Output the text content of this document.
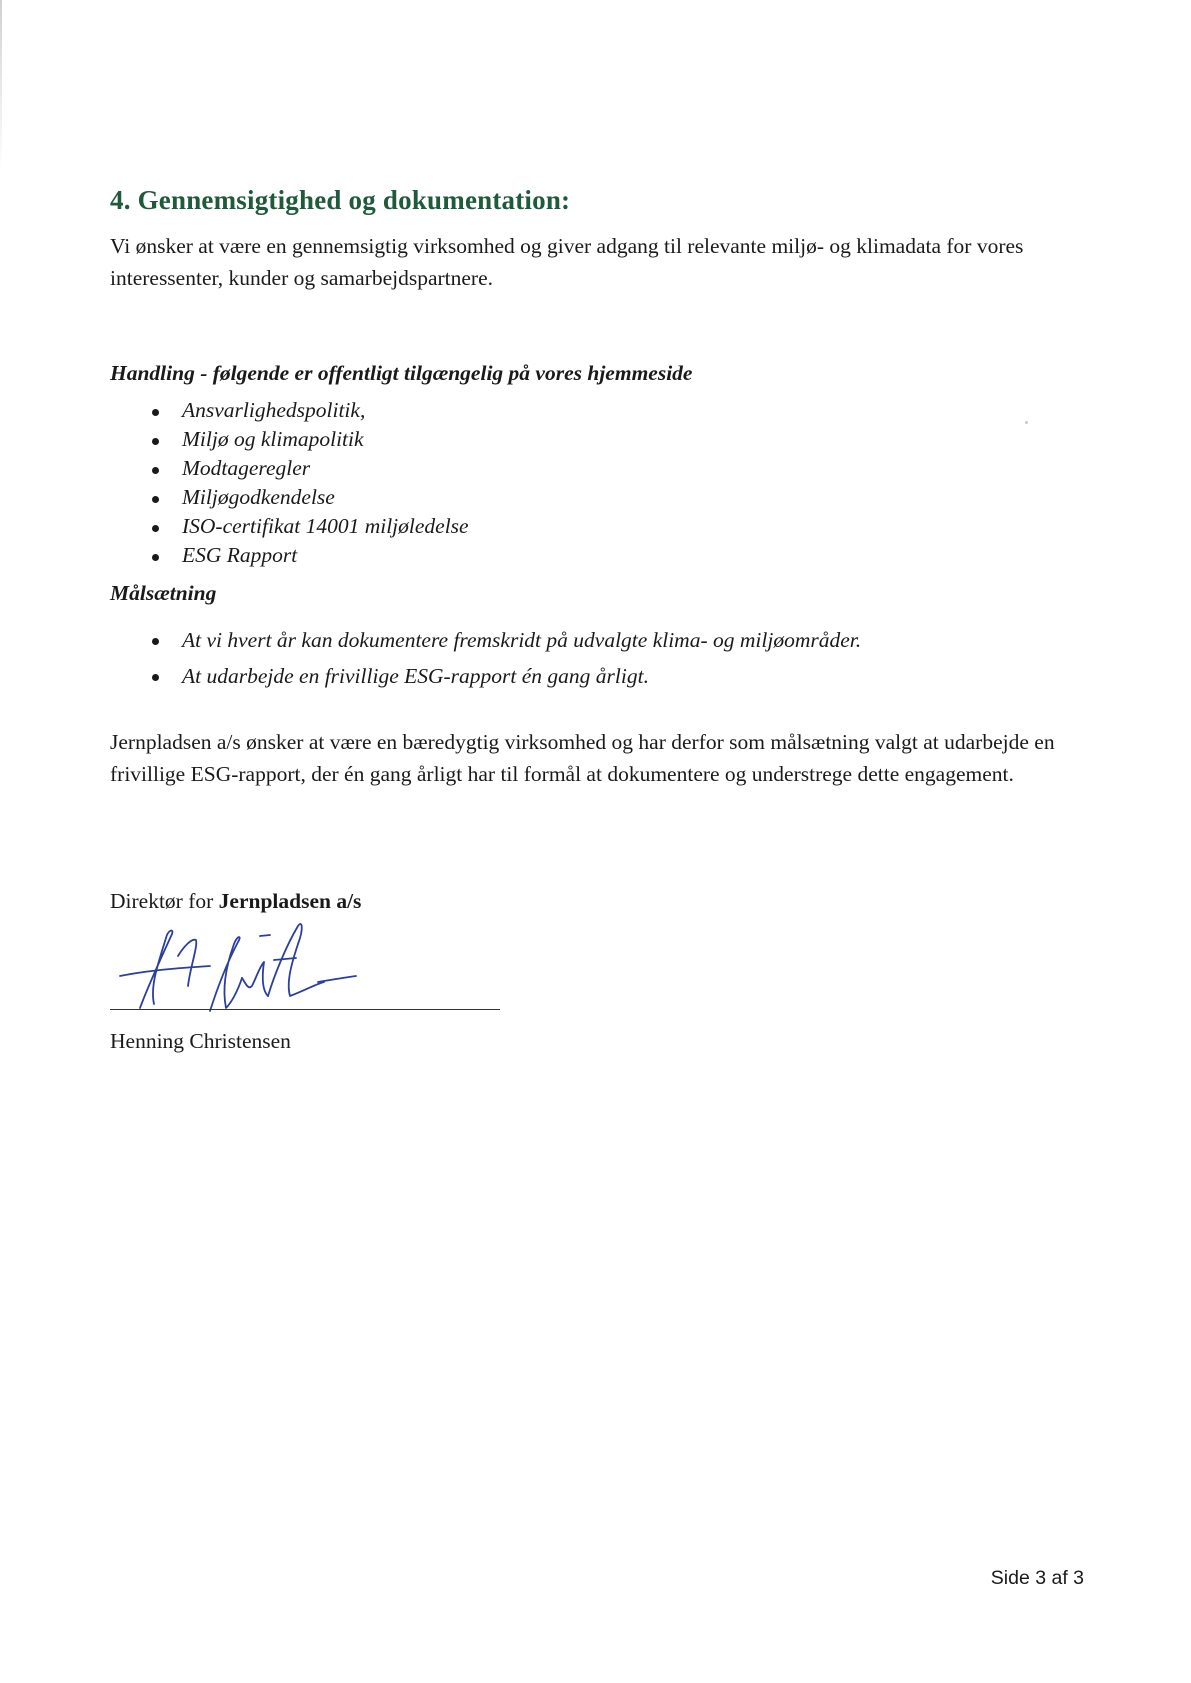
4. Gennemsigtighed og dokumentation:

Vi ønsker at være en gennemsigtig virksomhed og giver adgang til relevante miljø- og klimadata for vores interessenter, kunder og samarbejdspartnere.

Handling - følgende er offentligt tilgængelig på vores hjemmeside

Ansvarlighedspolitik,
Miljø og klimapolitik
Modtageregler
Miljøgodkendelse
ISO-certifikat 14001 miljøledelse
ESG Rapport

Målsætning

At vi hvert år kan dokumentere fremskridt på udvalgte klima- og miljøområder.
At udarbejde en frivillige ESG-rapport én gang årligt.

Jernpladsen a/s ønsker at være en bæredygtig virksomhed og har derfor som målsætning valgt at udarbejde en frivillige ESG-rapport, der én gang årligt har til formål at dokumentere og understrege dette engagement.

Direktør for Jernpladsen a/s
Henning Christensen
Side 3 af 3
